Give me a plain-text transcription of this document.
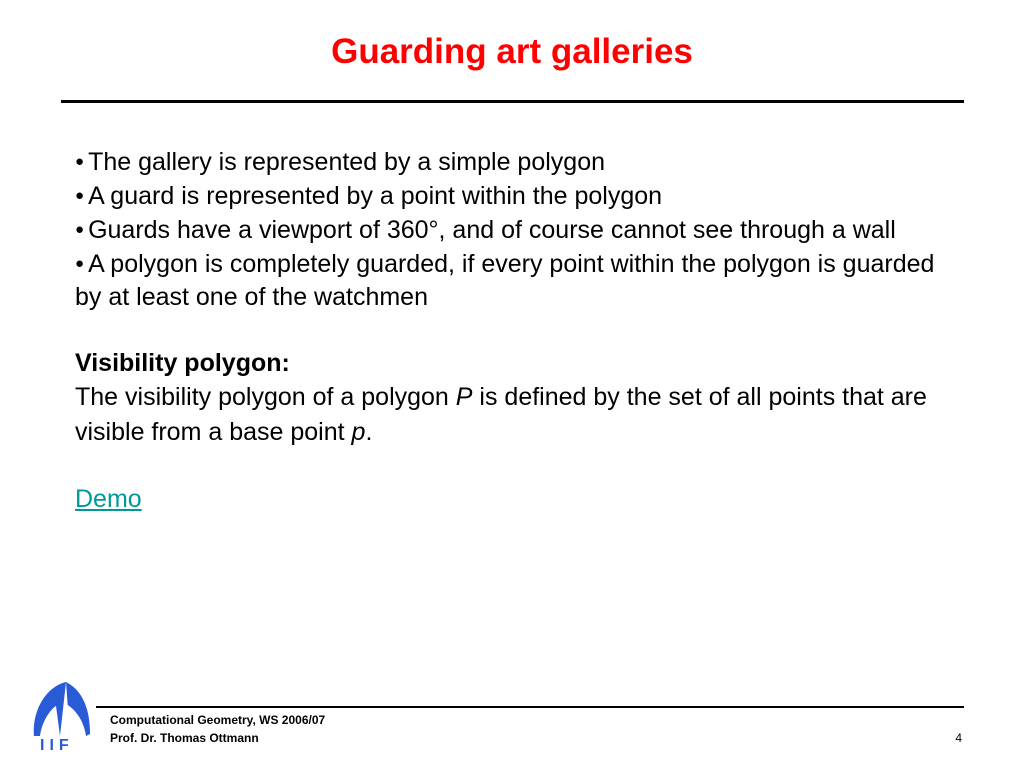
Guarding art galleries

● The gallery is represented by a simple polygon

● A guard is represented by a point within the polygon

● Guards have a viewport of 360°, and of course cannot see through a wall

● A polygon is completely guarded, if every point within the polygon is guarded by at least one of the watchmen

Visibility polygon:

The visibility polygon of a polygon P is defined by the set of all points that are visible from a base point p.

Demo

IIF

Computational Geometry, WS 2006/07

Prof. Dr. Thomas Ottmann	4
